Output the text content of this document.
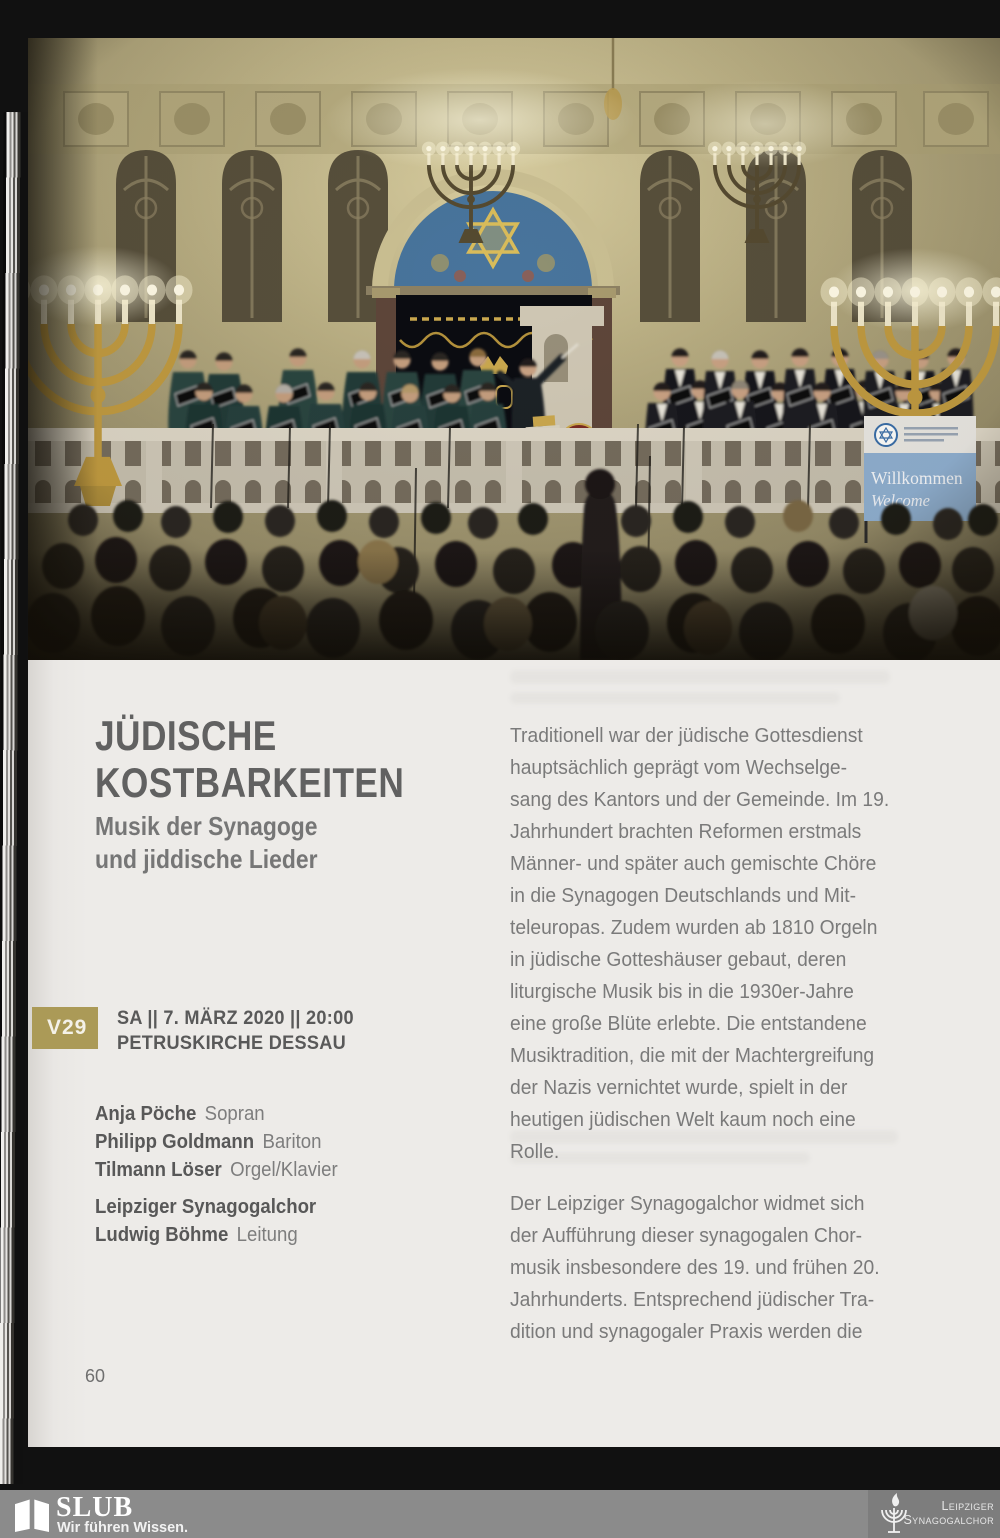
JÜDISCHE
KOSTBARKEITEN
Musik der Synagoge
und jiddische Lieder
V29	SA || 7. MÄRZ 2020 || 20:00
PETRUSKIRCHE DESSAU
Anja Pöche Sopran
Philipp Goldmann Bariton
Tilmann Löser Orgel/Klavier
Leipziger Synagogalchor
Ludwig Böhme Leitung
Traditionell war der jüdische Gottesdienst
hauptsächlich geprägt vom Wechselge-
sang des Kantors und der Gemeinde. Im 19.
Jahrhundert brachten Reformen erstmals
Männer- und später auch gemischte Chöre
in die Synagogen Deutschlands und Mit-
teleuropas. Zudem wurden ab 1810 Orgeln
in jüdische Gotteshäuser gebaut, deren
liturgische Musik bis in die 1930er-Jahre
eine große Blüte erlebte. Die entstandene
Musiktradition, die mit der Machtergreifung
der Nazis vernichtet wurde, spielt in der
heutigen jüdischen Welt kaum noch eine
Rolle.
Der Leipziger Synagogalchor widmet sich
der Aufführung dieser synagogalen Chor-
musik insbesondere des 19. und frühen 20.
Jahrhunderts. Entsprechend jüdischer Tra-
dition und synagogaler Praxis werden die
60
SLUB
Wir führen Wissen.
Leipziger
Synagogalchor
